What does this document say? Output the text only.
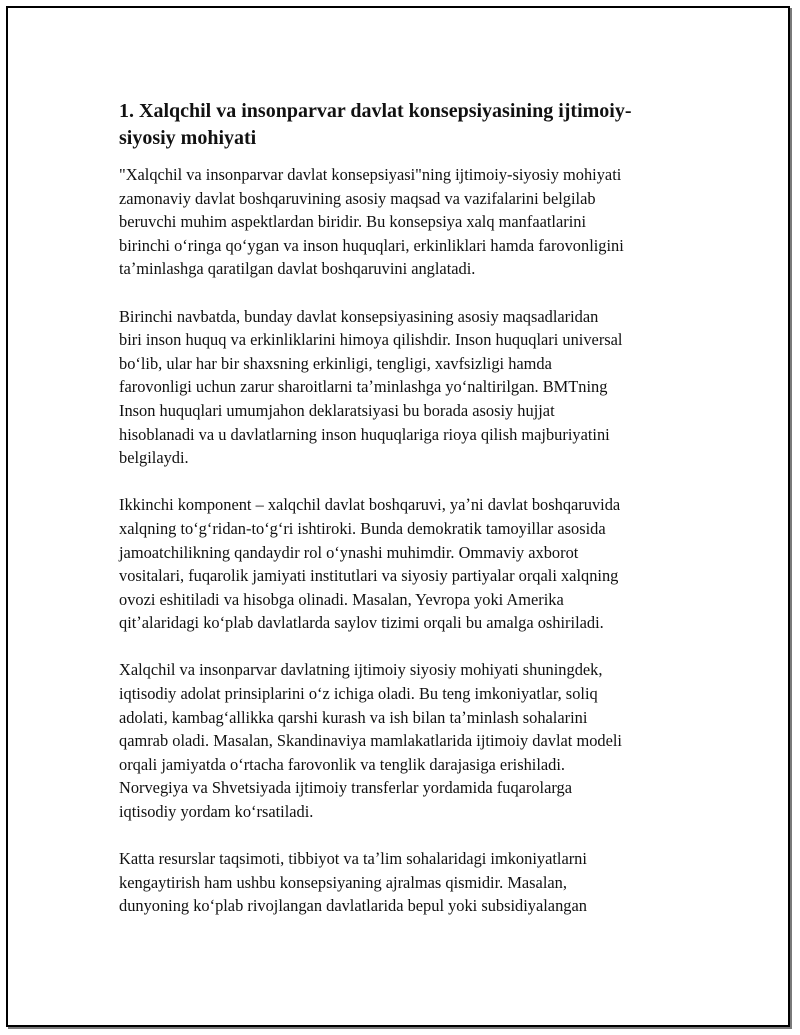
1. Xalqchil va insonparvar davlat konsepsiyasining ijtimoiy-
siyosiy mohiyati

"Xalqchil va insonparvar davlat konsepsiyasi"ning ijtimoiy-siyosiy mohiyati
zamonaviy davlat boshqaruvining asosiy maqsad va vazifalarini belgilab
beruvchi muhim aspektlardan biridir. Bu konsepsiya xalq manfaatlarini
birinchi oʻringa qoʻygan va inson huquqlari, erkinliklari hamda farovonligini
taʼminlashga qaratilgan davlat boshqaruvini anglatadi.

Birinchi navbatda, bunday davlat konsepsiyasining asosiy maqsadlaridan
biri inson huquq va erkinliklarini himoya qilishdir. Inson huquqlari universal
boʻlib, ular har bir shaxsning erkinligi, tengligi, xavfsizligi hamda
farovonligi uchun zarur sharoitlarni taʼminlashga yoʻnaltirilgan. BMTning
Inson huquqlari umumjahon deklaratsiyasi bu borada asosiy hujjat
hisoblanadi va u davlatlarning inson huquqlariga rioya qilish majburiyatini
belgilaydi.

Ikkinchi komponent – xalqchil davlat boshqaruvi, yaʼni davlat boshqaruvida
xalqning toʻgʻridan-toʻgʻri ishtiroki. Bunda demokratik tamoyillar asosida
jamoatchilikning qandaydir rol oʻynashi muhimdir. Ommaviy axborot
vositalari, fuqarolik jamiyati institutlari va siyosiy partiyalar orqali xalqning
ovozi eshitiladi va hisobga olinadi. Masalan, Yevropa yoki Amerika
qitʼalaridagi koʻplab davlatlarda saylov tizimi orqali bu amalga oshiriladi.

Xalqchil va insonparvar davlatning ijtimoiy siyosiy mohiyati shuningdek,
iqtisodiy adolat prinsiplarini oʻz ichiga oladi. Bu teng imkoniyatlar, soliq
adolati, kambagʻallikka qarshi kurash va ish bilan taʼminlash sohalarini
qamrab oladi. Masalan, Skandinaviya mamlakatlarida ijtimoiy davlat modeli
orqali jamiyatda oʻrtacha farovonlik va tenglik darajasiga erishiladi.
Norvegiya va Shvetsiyada ijtimoiy transferlar yordamida fuqarolarga
iqtisodiy yordam koʻrsatiladi.

Katta resurslar taqsimoti, tibbiyot va taʼlim sohalaridagi imkoniyatlarni
kengaytirish ham ushbu konsepsiyaning ajralmas qismidir. Masalan,
dunyoning koʻplab rivojlangan davlatlarida bepul yoki subsidiyalangan
